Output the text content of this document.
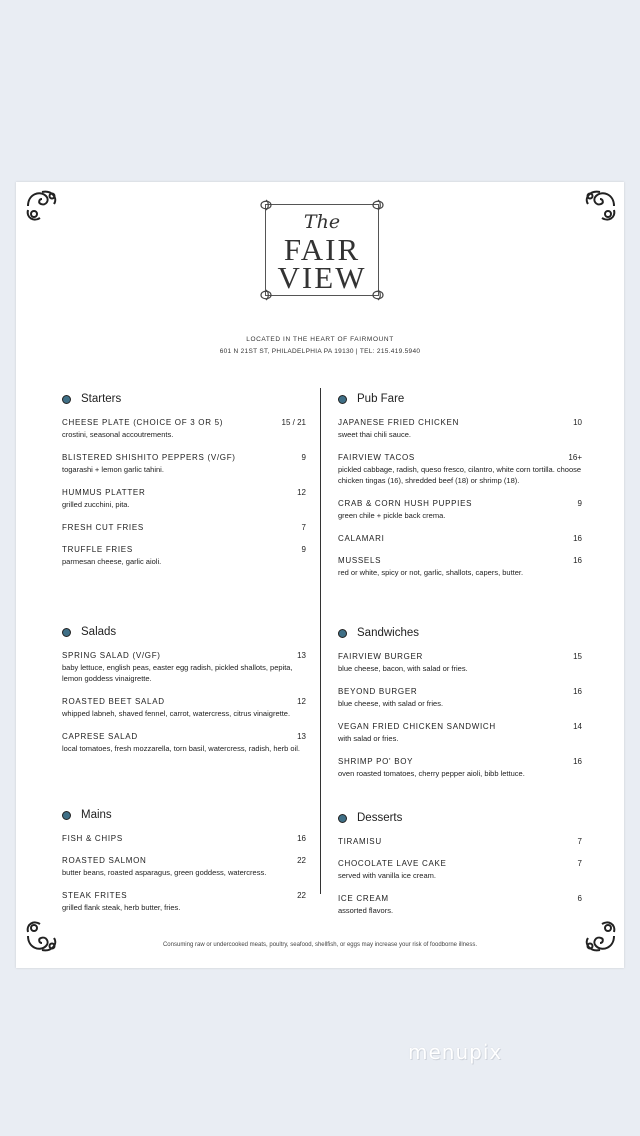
The
FAIR
VIEW
LOCATED IN THE HEART OF FAIRMOUNT
601 N 21ST ST, PHILADELPHIA PA 19130 | TEL: 215.419.5940
Starters
CHEESE PLATE (CHOICE OF 3 OR 5)	15 / 21
crostini, seasonal accoutrements.
BLISTERED SHISHITO PEPPERS (V/GF)	9
togarashi + lemon garlic tahini.
HUMMUS PLATTER	12
grilled zucchini, pita.
FRESH CUT FRIES	7
TRUFFLE FRIES	9
parmesan cheese, garlic aioli.
Salads
SPRING SALAD (V/GF)	13
baby lettuce, english peas, easter egg radish, pickled shallots, pepita, lemon goddess vinaigrette.
ROASTED BEET SALAD	12
whipped labneh, shaved fennel, carrot, watercress, citrus vinaigrette.
CAPRESE SALAD	13
local tomatoes, fresh mozzarella, torn basil, watercress, radish, herb oil.
Mains
FISH & CHIPS	16
ROASTED SALMON	22
butter beans, roasted asparagus, green goddess, watercress.
STEAK FRITES	22
grilled flank steak, herb butter, fries.
Pub Fare
JAPANESE FRIED CHICKEN	10
sweet thai chili sauce.
FAIRVIEW TACOS	16+
pickled cabbage, radish, queso fresco, cilantro, white corn tortilla. choose chicken tingas (16), shredded beef (18) or shrimp (18).
CRAB & CORN HUSH PUPPIES	9
green chile + pickle back crema.
CALAMARI	16
MUSSELS	16
red or white, spicy or not, garlic, shallots, capers, butter.
Sandwiches
FAIRVIEW BURGER	15
blue cheese, bacon, with salad or fries.
BEYOND BURGER	16
blue cheese, with salad or fries.
VEGAN FRIED CHICKEN SANDWICH	14
with salad or fries.
SHRIMP PO' BOY	16
oven roasted tomatoes, cherry pepper aioli, bibb lettuce.
Desserts
TIRAMISU	7
CHOCOLATE LAVE CAKE	7
served with vanilla ice cream.
ICE CREAM	6
assorted flavors.
Consuming raw or undercooked meats, poultry, seafood, shellfish, or eggs may increase your risk of foodborne illness.
menupix
